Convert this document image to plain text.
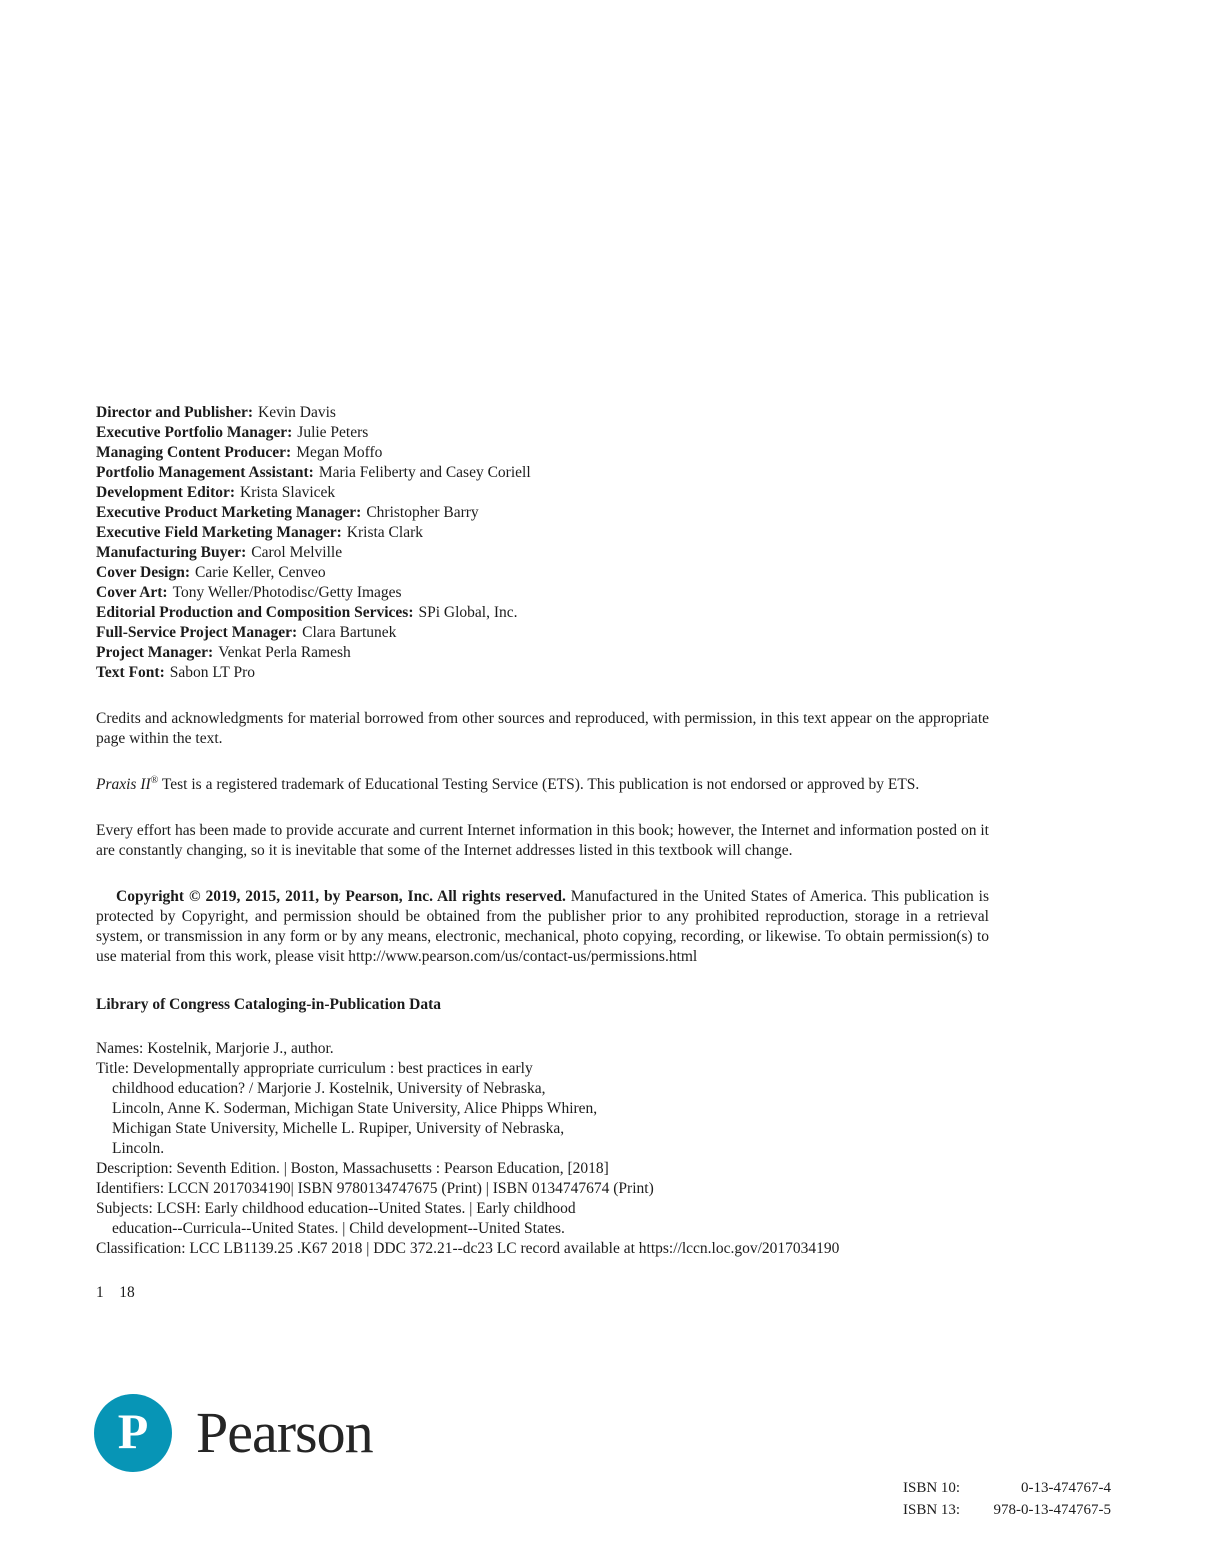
Director and Publisher: Kevin Davis
Executive Portfolio Manager: Julie Peters
Managing Content Producer: Megan Moffo
Portfolio Management Assistant: Maria Feliberty and Casey Coriell
Development Editor: Krista Slavicek
Executive Product Marketing Manager: Christopher Barry
Executive Field Marketing Manager: Krista Clark
Manufacturing Buyer: Carol Melville
Cover Design: Carie Keller, Cenveo
Cover Art: Tony Weller/Photodisc/Getty Images
Editorial Production and Composition Services: SPi Global, Inc.
Full-Service Project Manager: Clara Bartunek
Project Manager: Venkat Perla Ramesh
Text Font: Sabon LT Pro

Credits and acknowledgments for material borrowed from other sources and reproduced, with permission, in this text appear on the appropriate page within the text.

Praxis II® Test is a registered trademark of Educational Testing Service (ETS). This publication is not endorsed or approved by ETS.

Every effort has been made to provide accurate and current Internet information in this book; however, the Internet and information posted on it are constantly changing, so it is inevitable that some of the Internet addresses listed in this textbook will change.

Copyright © 2019, 2015, 2011, by Pearson, Inc. All rights reserved. Manufactured in the United States of America. This publication is protected by Copyright, and permission should be obtained from the publisher prior to any prohibited reproduction, storage in a retrieval system, or transmission in any form or by any means, electronic, mechanical, photo copying, recording, or likewise. To obtain permission(s) to use material from this work, please visit http://www.pearson.com/us/contact-us/permissions.html

Library of Congress Cataloging-in-Publication Data
Names: Kostelnik, Marjorie J., author.
Title: Developmentally appropriate curriculum : best practices in early
childhood education? / Marjorie J. Kostelnik, University of Nebraska,
Lincoln, Anne K. Soderman, Michigan State University, Alice Phipps Whiren,
Michigan State University, Michelle L. Rupiper, University of Nebraska,
Lincoln.
Description: Seventh Edition. | Boston, Massachusetts : Pearson Education, [2018]
Identifiers: LCCN 2017034190| ISBN 9780134747675 (Print) | ISBN 0134747674 (Print)
Subjects: LCSH: Early childhood education--United States. | Early childhood
education--Curricula--United States. | Child development--United States.
Classification: LCC LB1139.25 .K67 2018 | DDC 372.21--dc23 LC record available at https://lccn.loc.gov/2017034190
1    18
P Pearson
ISBN 10:	0-13-474767-4
ISBN 13: 978-0-13-474767-5
